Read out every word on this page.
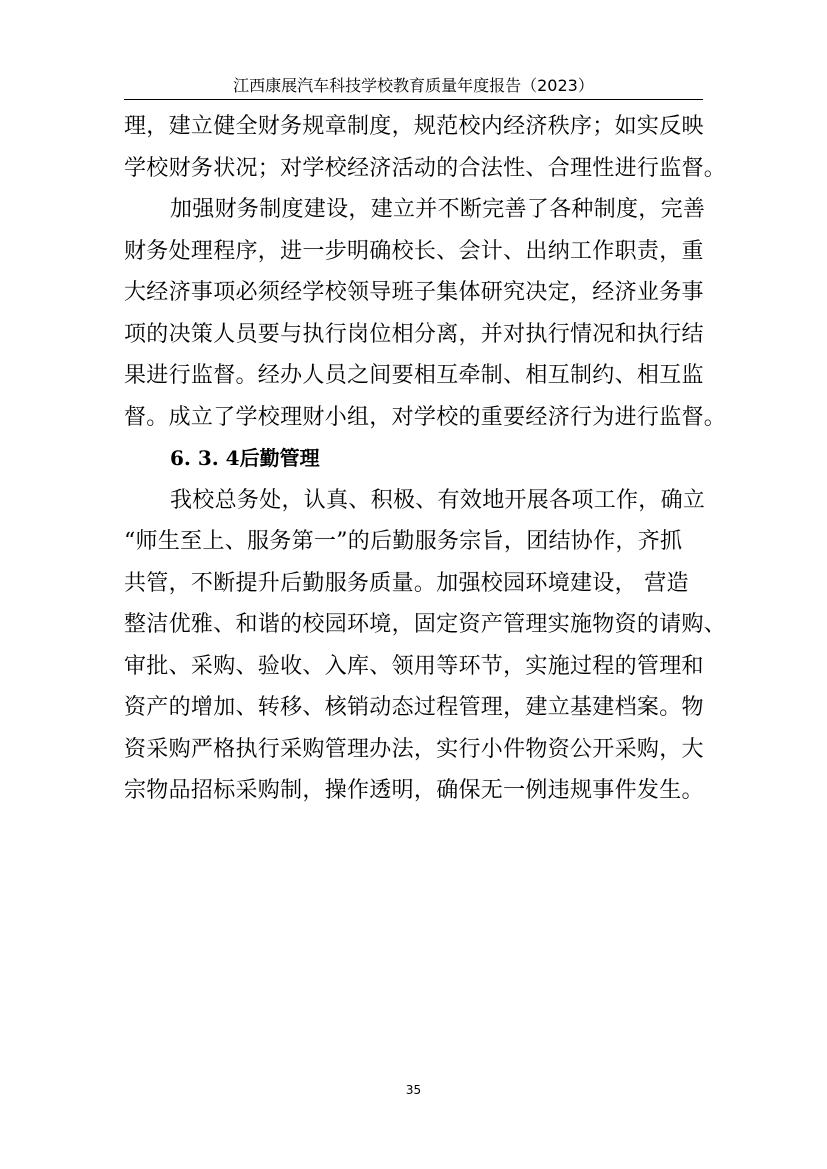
江西康展汽车科技学校教育质量年度报告（2023）
理，建立健全财务规章制度，规范校内经济秩序；如实反映
学校财务状况；对学校经济活动的合法性、合理性进行监督。
加强财务制度建设，建立并不断完善了各种制度，完善
财务处理程序，进一步明确校长、会计、出纳工作职责，重
大经济事项必须经学校领导班子集体研究决定，经济业务事
项的决策人员要与执行岗位相分离，并对执行情况和执行结
果进行监督。经办人员之间要相互牵制、相互制约、相互监
督。成立了学校理财小组，对学校的重要经济行为进行监督。
6. 3. 4后勤管理
我校总务处，认真、积极、有效地开展各项工作，确立
“师生至上、服务第一”的后勤服务宗旨，团结协作，齐抓
共管，不断提升后勤服务质量。加强校园环境建设， 营造
整洁优雅、和谐的校园环境，固定资产管理实施物资的请购、
审批、采购、验收、入库、领用等环节，实施过程的管理和
资产的增加、转移、核销动态过程管理，建立基建档案。物
资采购严格执行采购管理办法，实行小件物资公开采购，大
宗物品招标采购制，操作透明，确保无一例违规事件发生。
35
